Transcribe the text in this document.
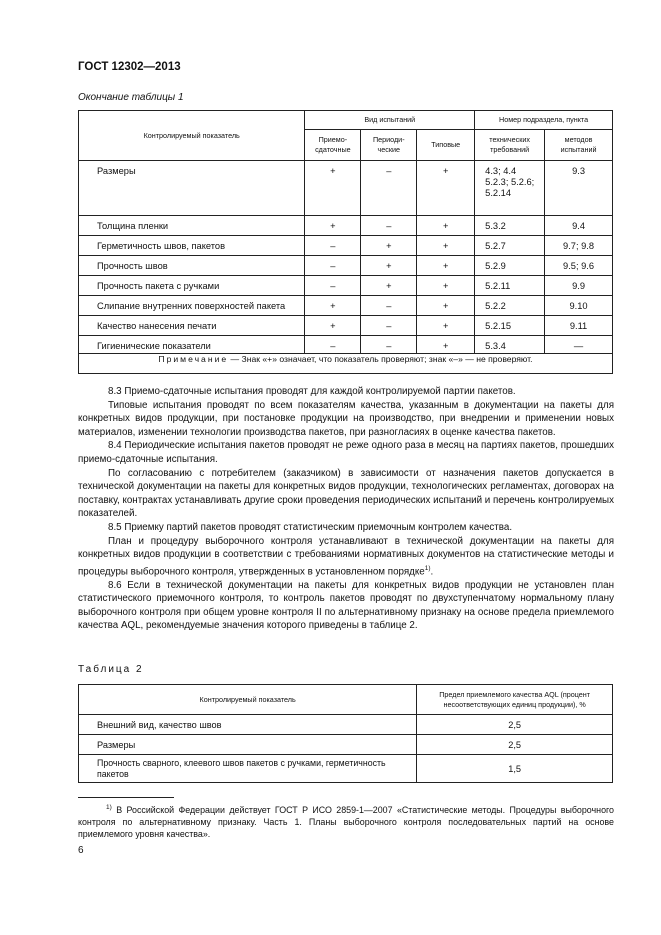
ГОСТ 12302—2013
Окончание таблицы 1
Контролируемый показатель	Вид испытаний			Номер подраздела, пункта	
	Приемо-сдаточные	Периоди-ческие	Типовые	технических требований	методов испытаний
Размеры	+	–	+	4.3; 4.4 5.2.3; 5.2.6; 5.2.14	9.3
Толщина пленки	+	–	+	5.3.2	9.4
Герметичность швов, пакетов	–	+	+	5.2.7	9.7; 9.8
Прочность швов	–	+	+	5.2.9	9.5; 9.6
Прочность пакета с ручками	–	+	+	5.2.11	9.9
Слипание внутренних поверхностей пакета	+	–	+	5.2.2	9.10
Качество нанесения печати	+	–	+	5.2.15	9.11
Гигиенические показатели	–	–	+	5.3.4	—
Примечание — Знак «+» означает, что показатель проверяют; знак «–» — не проверяют.					

8.3 Приемо-сдаточные испытания проводят для каждой контролируемой партии пакетов.

Типовые испытания проводят по всем показателям качества, указанным в документации на пакеты для конкретных видов продукции, при постановке продукции на производство, при внедрении и применении новых материалов, изменении технологии производства пакетов, при разногласиях в оценке качества пакетов.

8.4 Периодические испытания пакетов проводят не реже одного раза в месяц на партиях пакетов, прошедших приемо-сдаточные испытания.

По согласованию с потребителем (заказчиком) в зависимости от назначения пакетов допускается в технической документации на пакеты для конкретных видов продукции, технологических регламентах, договорах на поставку, контрактах устанавливать другие сроки проведения периодических испытаний и перечень контролируемых показателей.

8.5 Приемку партий пакетов проводят статистическим приемочным контролем качества.

План и процедуру выборочного контроля устанавливают в технической документации на пакеты для конкретных видов продукции в соответствии с требованиями нормативных документов на статистические методы и процедуры выборочного контроля, утвержденных в установленном порядке$^{1)}$.

8.6 Если в технической документации на пакеты для конкретных видов продукции не установлен план статистического приемочного контроля, то контроль пакетов проводят по двухступенчатому нормальному плану выборочного контроля при общем уровне контроля II по альтернативному признаку на основе предела приемлемого качества AQL, рекомендуемые значения которого приведены в таблице 2.

Таблица 2
Контролируемый показатель	Предел приемлемого качества AQL (процент несоответствующих единиц продукции), %
Внешний вид, качество швов	2,5
Размеры	2,5
Прочность сварного, клеевого швов пакетов с ручками, герметичность пакетов	1,5
$^{1)}$ В Российской Федерации действует ГОСТ Р ИСО 2859-1—2007 «Статистические методы. Процедуры выборочного контроля по альтернативному признаку. Часть 1. Планы выборочного контроля последовательных партий на основе приемлемого уровня качества».
6
